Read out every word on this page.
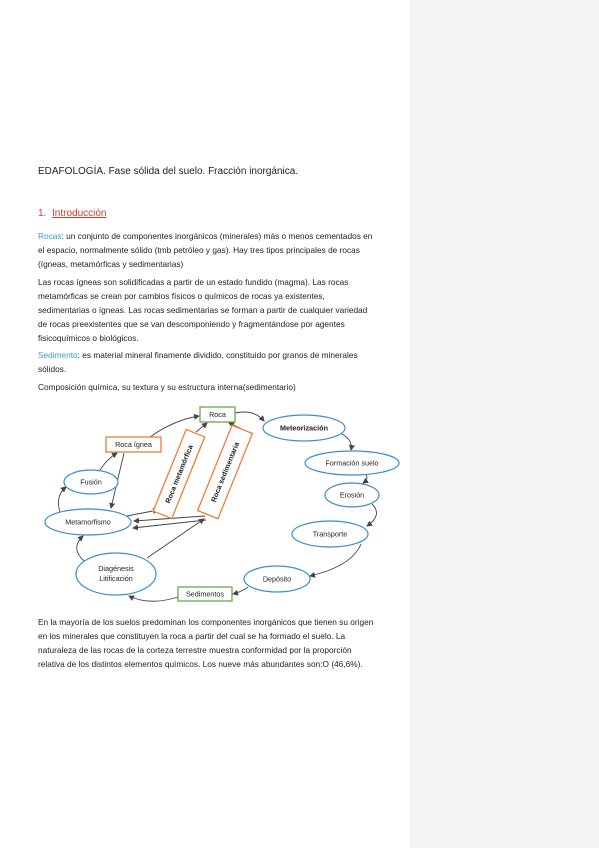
EDAFOLOGÍA. Fase sólida del suelo. Fracción inorgánica.
1. Introducción
Rocas: un conjunto de componentes inorgánicos (minerales) más o menos cementados en
el espacio, normalmente sólido (tmb petróleo y gas). Hay tres tipos principales de rocas
(ígneas, metamórficas y sedimentarias)
Las rocas ígneas son solidificadas a partir de un estado fundido (magma). Las rocas
metamórficas se crean por cambios físicos o químicos de rocas ya existentes,
sedimentarias o ígneas. Las rocas sedimentarias se forman a partir de cualquier variedad
de rocas preexistentes que se van descomponiendo y fragmentándose por agentes
fisicoquímicos o biológicos.
Sedimento: es material mineral finamente dividido, constituido por granos de minerales
sólidos.
Composición química, su textura y su estructura interna(sedimentario)
Roca
Meteorización
Roca ígnea Roca metamórfica Roca sedimentaria
Fusión
Formación suelo
Erosión
Transporte
Metamorfismo
Depósito
Diagénesis
Litificación
Sedimentos
En la mayoría de los suelos predominan los componentes inorgánicos que tienen su origen
en los minerales que constituyen la roca a partir del cual se ha formado el suelo. La
naturaleza de las rocas de la corteza terrestre muestra conformidad por la proporción
relativa de los distintos elementos químicos. Los nueve más abundantes son:O (46,6%).
